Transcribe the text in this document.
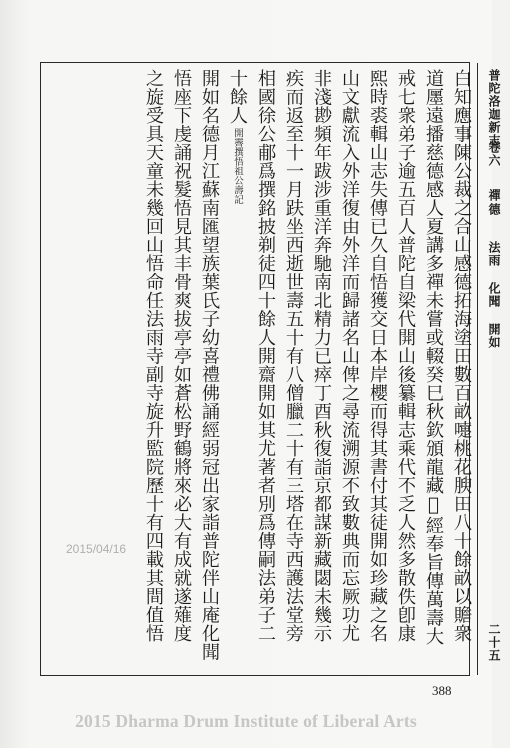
普陀洛迦新志
卷六
禪德
法雨 化聞 開如
二十五
白知應事陳公裁之合山感德拓海塗田數百畝嚏桃花腴田八十餘畝以贍衆
道㕓遠播慈德感人夏講多禪未嘗或輟癸巳秋欽頒龍藏𪪨經奉旨傳萬壽大
戒七衆弟子逾五百人普陀自梁代開山後纂輯志乘代不乏人然多散佚卽康
熙時裘輯山志失傳已久自悟獲交日本岸櫻而得其書付其徒開如珍藏之名
山文獻流入外洋復由外洋而歸諸名山俾之尋流溯源不致數典而忘厥功尤
非淺尠頻年跋涉重洋奔馳南北精力已瘁丁酉秋復詣京都謀新藏閟未幾示
疾而返至十一月趺坐西逝世壽五十有八僧臘二十有三塔在寺西護法堂旁
相國徐公郙爲撰銘披剃徒四十餘人開齋開如其尤著者別爲傳嗣法弟子二
十餘人開霽撰悟祖公壽記
開如名德月江蘇南匯望族葉氏子幼喜禮佛誦經弱冠出家詣普陀伴山庵化聞
悟座下虔誦祝髮悟見其丰骨爽拔亭亭如蒼松野鶴將來必大有成就遂薙度
之旋受具天童未幾回山悟命任法雨寺副寺旋升監院歷十有四載其間值悟
2015/04/16
388
2015 Dharma Drum Institute of Liberal Arts
